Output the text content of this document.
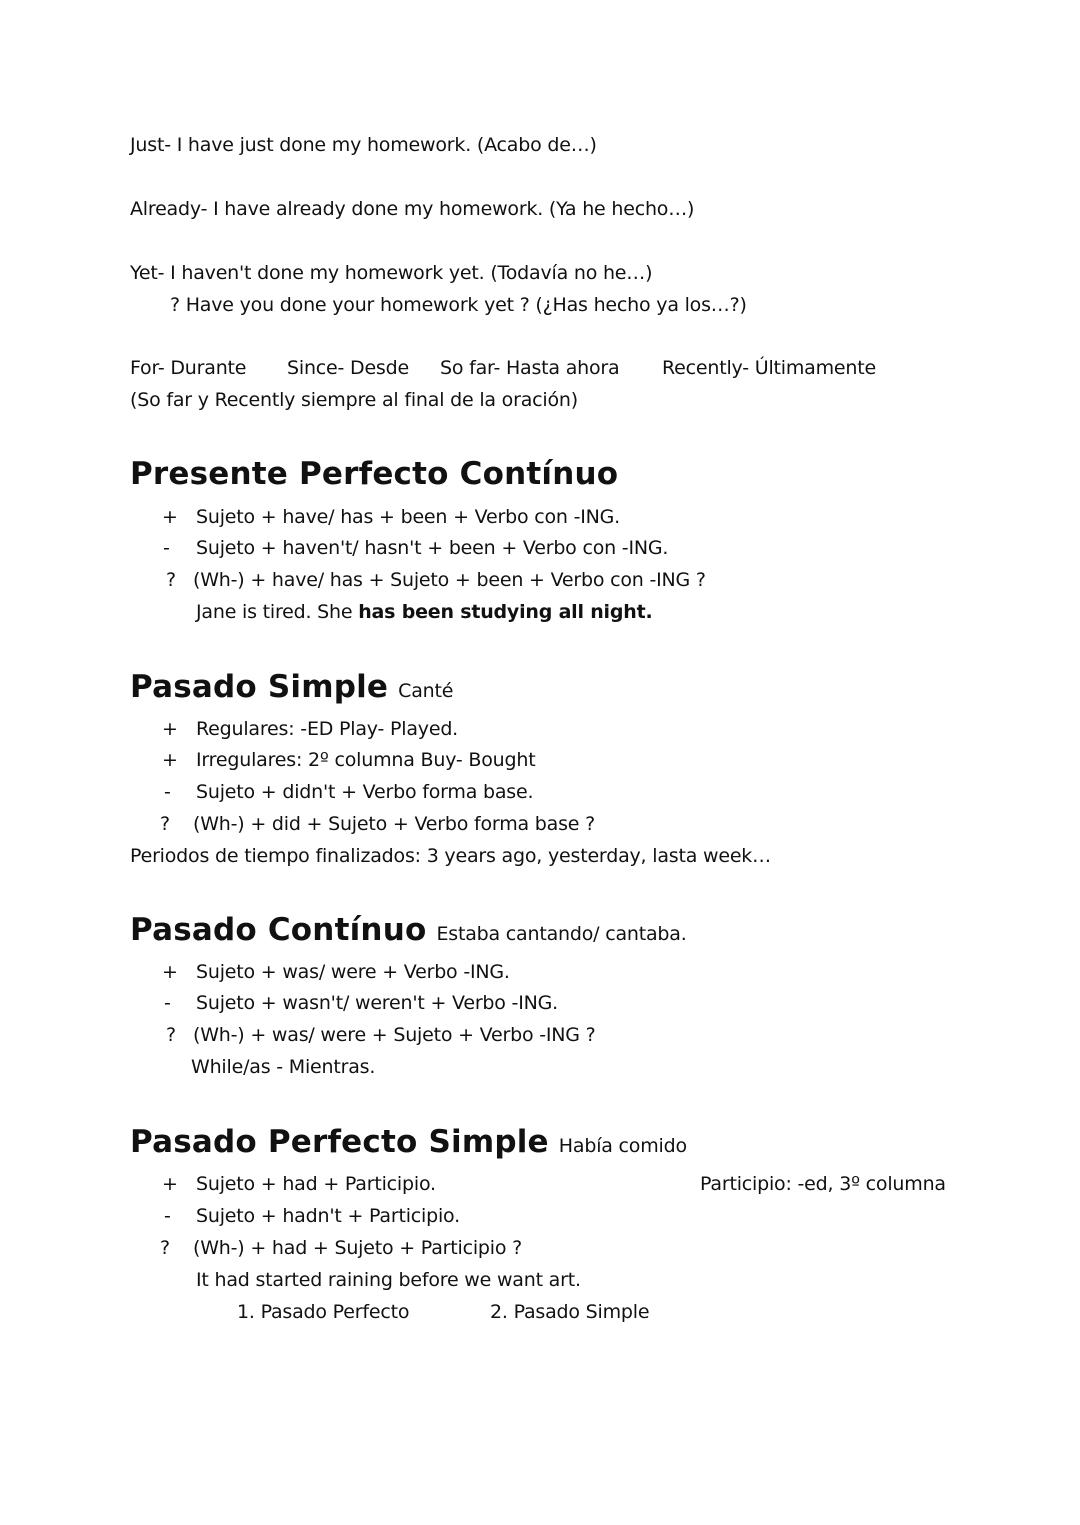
Just- I have just done my homework. (Acabo de…)
Already- I have already done my homework. (Ya he hecho…)
Yet- I haven't done my homework yet. (Todavía no he…)
? Have you done your homework yet ? (¿Has hecho ya los…?)
For- Durante Since- Desde So far- Hasta ahora Recently- Últimamente
(So far y Recently siempre al final de la oración)
Presente Perfecto Contínuo
+ Sujeto + have/ has + been + Verbo con -ING.
- Sujeto + haven't/ hasn't + been + Verbo con -ING.
? (Wh-) + have/ has + Sujeto + been + Verbo con -ING ?
Jane is tired. She has been studying all night.
Pasado Simple Canté
+ Regulares: -ED Play- Played.
+ Irregulares: 2º columna Buy- Bought
- Sujeto + didn't + Verbo forma base.
? (Wh-) + did + Sujeto + Verbo forma base ?
Periodos de tiempo finalizados: 3 years ago, yesterday, lasta week…
Pasado Contínuo Estaba cantando/ cantaba.
+ Sujeto + was/ were + Verbo -ING.
- Sujeto + wasn't/ weren't + Verbo -ING.
? (Wh-) + was/ were + Sujeto + Verbo -ING ?
While/as - Mientras.
Pasado Perfecto Simple Había comido
+ Sujeto + had + Participio.	Participio: -ed, 3º columna
- Sujeto + hadn't + Participio.
? (Wh-) + had + Sujeto + Participio ?
It had started raining before we want art.
1. Pasado Perfecto	2. Pasado Simple
